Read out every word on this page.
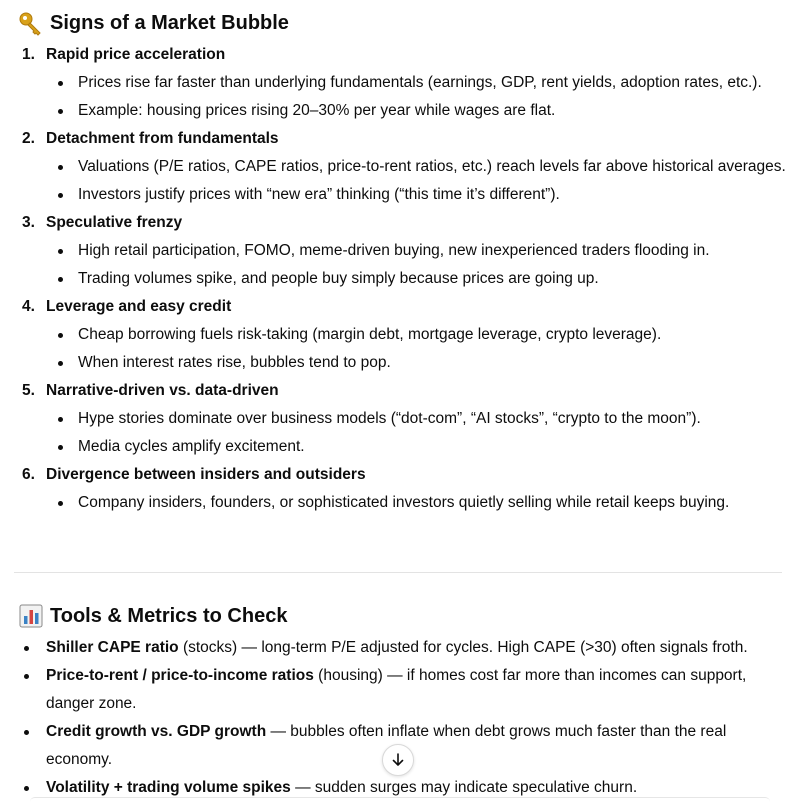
Signs of a Market Bubble
1. Rapid price acceleration
Prices rise far faster than underlying fundamentals (earnings, GDP, rent yields, adoption rates, etc.).
Example: housing prices rising 20–30% per year while wages are flat.
2. Detachment from fundamentals
Valuations (P/E ratios, CAPE ratios, price-to-rent ratios, etc.) reach levels far above historical averages.
Investors justify prices with “new era” thinking (“this time it’s different”).
3. Speculative frenzy
High retail participation, FOMO, meme-driven buying, new inexperienced traders flooding in.
Trading volumes spike, and people buy simply because prices are going up.
4. Leverage and easy credit
Cheap borrowing fuels risk-taking (margin debt, mortgage leverage, crypto leverage).
When interest rates rise, bubbles tend to pop.
5. Narrative-driven vs. data-driven
Hype stories dominate over business models (“dot-com”, “AI stocks”, “crypto to the moon”).
Media cycles amplify excitement.
6. Divergence between insiders and outsiders
Company insiders, founders, or sophisticated investors quietly selling while retail keeps buying.
Tools & Metrics to Check
Shiller CAPE ratio (stocks) — long-term P/E adjusted for cycles. High CAPE (>30) often signals froth.
Price-to-rent / price-to-income ratios (housing) — if homes cost far more than incomes can support, danger zone.
Credit growth vs. GDP growth — bubbles often inflate when debt grows much faster than the real economy.
Volatility + trading volume spikes — sudden surges may indicate speculative churn.
